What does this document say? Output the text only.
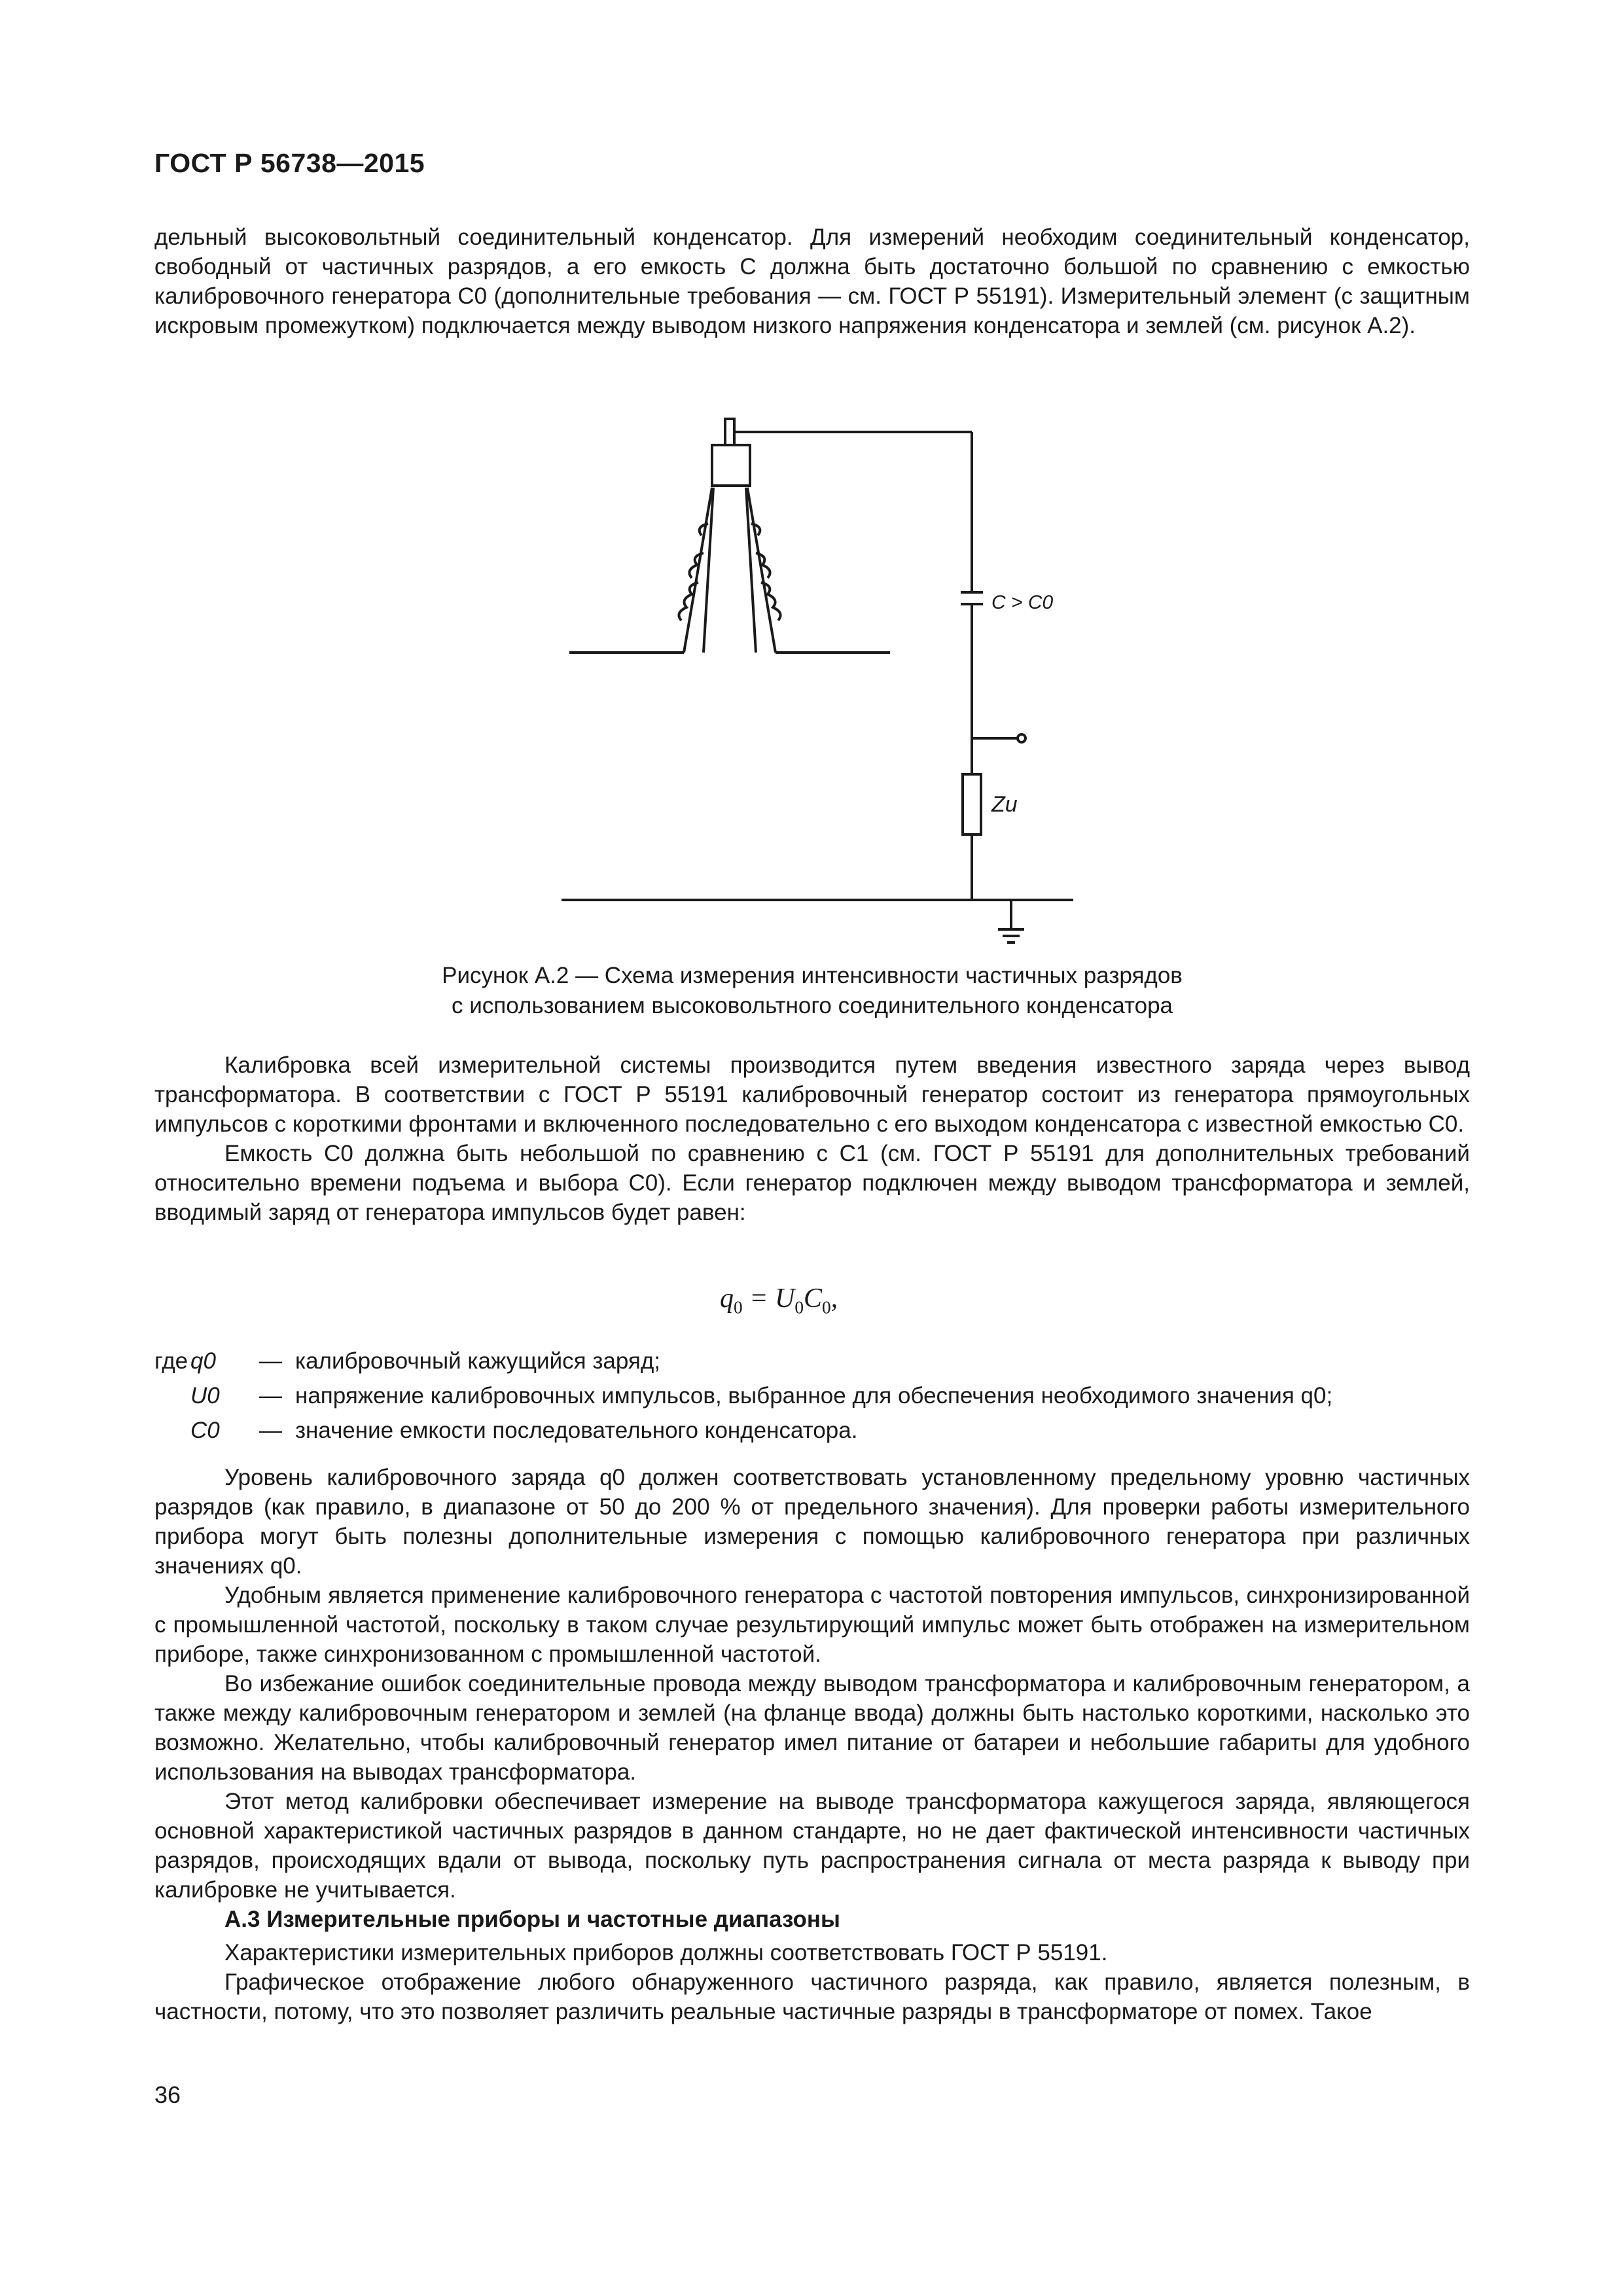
ГОСТ Р 56738—2015

дельный высоковольтный соединительный конденсатор. Для измерений необходим соединительный конденсатор, свободный от частичных разрядов, а его емкость C должна быть достаточно большой по сравнению с емкостью калибровочного генератора C0 (дополнительные требования — см. ГОСТ Р 55191). Измерительный элемент (с защитным искровым промежутком) подключается между выводом низкого напряжения конденсатора и землей (см. рисунок А.2).

C > C0
Zи
Рисунок А.2 — Схема измерения интенсивности частичных разрядов
с использованием высоковольтного соединительного конденсатора

Калибровка всей измерительной системы производится путем введения известного заряда через вывод трансформатора. В соответствии с ГОСТ Р 55191 калибровочный генератор состоит из генератора прямоугольных импульсов с короткими фронтами и включенного последовательно с его выходом конденсатора с известной емкостью C0.

Емкость C0 должна быть небольшой по сравнению с C1 (см. ГОСТ Р 55191 для дополнительных требований относительно времени подъема и выбора C0). Если генератор подключен между выводом трансформатора и землей, вводимый заряд от генератора импульсов будет равен:

$q_0 = U_0C_0$,
где q0 — калибровочный кажущийся заряд;
U0 — напряжение калибровочных импульсов, выбранное для обеспечения необходимого значения q0;
C0 — значение емкости последовательного конденсатора.

Уровень калибровочного заряда q0 должен соответствовать установленному предельному уровню частичных разрядов (как правило, в диапазоне от 50 до 200 % от предельного значения). Для проверки работы измерительного прибора могут быть полезны дополнительные измерения с помощью калибровочного генератора при различных значениях q0.

Удобным является применение калибровочного генератора с частотой повторения импульсов, синхронизированной с промышленной частотой, поскольку в таком случае результирующий импульс может быть отображен на измерительном приборе, также синхронизованном с промышленной частотой.

Во избежание ошибок соединительные провода между выводом трансформатора и калибровочным генератором, а также между калибровочным генератором и землей (на фланце ввода) должны быть настолько короткими, насколько это возможно. Желательно, чтобы калибровочный генератор имел питание от батареи и небольшие габариты для удобного использования на выводах трансформатора.

Этот метод калибровки обеспечивает измерение на выводе трансформатора кажущегося заряда, являющегося основной характеристикой частичных разрядов в данном стандарте, но не дает фактической интенсивности частичных разрядов, происходящих вдали от вывода, поскольку путь распространения сигнала от места разряда к выводу при калибровке не учитывается.

А.3 Измерительные приборы и частотные диапазоны

Характеристики измерительных приборов должны соответствовать ГОСТ Р 55191.

Графическое отображение любого обнаруженного частичного разряда, как правило, является полезным, в частности, потому, что это позволяет различить реальные частичные разряды в трансформаторе от помех. Такое

36
